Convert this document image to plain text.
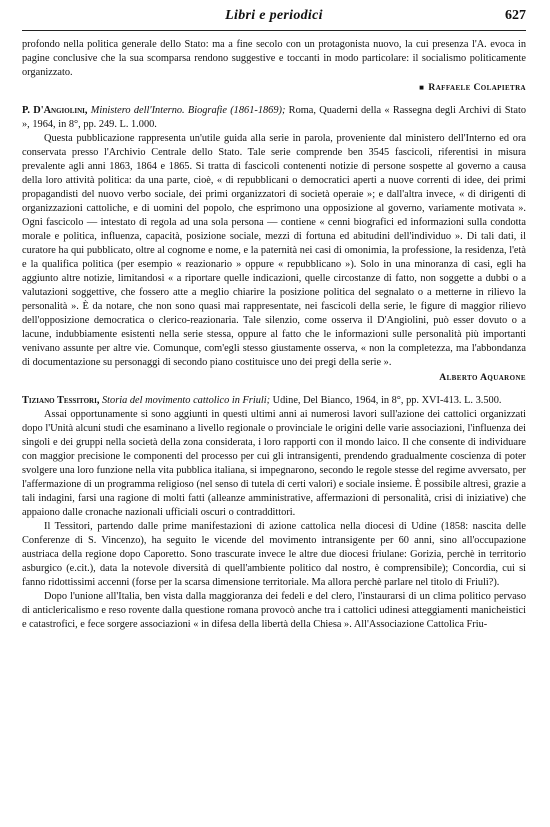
Libri e periodici	627

profondo nella politica generale dello Stato: ma a fine secolo con un protagonista nuovo, la cui presenza l'A. evoca in pagine conclusive che la sua scomparsa rendono suggestive e toccanti in modo particolare: il socialismo politicamente organizzato.

■ Raffaele Colapietra

P. D'Angiolini, Ministero dell'Interno. Biografie (1861-1869); Roma, Quaderni della « Rassegna degli Archivi di Stato », 1964, in 8°, pp. 249. L. 1.000.

Questa pubblicazione rappresenta un'utile guida alla serie in parola, proveniente dal ministero dell'Interno ed ora conservata presso l'Archivio Centrale dello Stato. Tale serie comprende ben 3545 fascicoli, riferentisi in misura prevalente agli anni 1863, 1864 e 1865. Si tratta di fascicoli contenenti notizie di persone sospette al governo a causa della loro attività politica: da una parte, cioè, « di repubblicani o democratici aperti a nuove correnti di idee, dei primi propagandisti del nuovo verbo sociale, dei primi organizzatori di società operaie »; e dall'altra invece, « di dirigenti di organizzazioni cattoliche, e di uomini del popolo, che esprimono una opposizione al governo, variamente motivata ». Ogni fascicolo — intestato di regola ad una sola persona — contiene « cenni biografici ed informazioni sulla condotta morale e politica, influenza, capacità, posizione sociale, mezzi di fortuna ed abitudini dell'individuo ». Di tali dati, il curatore ha qui pubblicato, oltre al cognome e nome, e la paternità nei casi di omonimia, la professione, la residenza, l'età e la qualifica politica (per esempio « reazionario » oppure « repubblicano »). Solo in una minoranza di casi, egli ha aggiunto altre notizie, limitandosi « a riportare quelle indicazioni, quelle circostanze di fatto, non soggette a dubbi o a valutazioni soggettive, che fossero atte a meglio chiarire la posizione politica del segnalato o a metterne in rilievo la personalità ». È da notare, che non sono quasi mai rappresentate, nei fascicoli della serie, le figure di maggior rilievo dell'opposizione democratica o clerico-reazionaria. Tale silenzio, come osserva il D'Angiolini, può esser dovuto o a lacune, indubbiamente esistenti nella serie stessa, oppure al fatto che le informazioni sulle personalità più importanti venivano assunte per altre vie. Comunque, com'egli stesso giustamente osserva, « non la completezza, ma l'abbondanza di documentazione su personaggi di secondo piano costituisce uno dei pregi della serie ».

Alberto Aquarone

Tiziano Tessitori, Storia del movimento cattolico in Friuli; Udine, Del Bianco, 1964, in 8°, pp. XVI-413. L. 3.500.

Assai opportunamente si sono aggiunti in questi ultimi anni ai numerosi lavori sull'azione dei cattolici organizzati dopo l'Unità alcuni studi che esaminano a livello regionale o provinciale le origini delle varie associazioni, l'influenza dei singoli e dei gruppi nella società della zona considerata, i loro rapporti con il mondo laico. Il che consente di individuare con maggior precisione le componenti del processo per cui gli intransigenti, prendendo gradualmente coscienza di poter svolgere una loro funzione nella vita pubblica italiana, si impegnarono, secondo le regole stesse del regime avversato, per l'affermazione di un programma religioso (nel senso di tutela di certi valori) e sociale insieme. È possibile altresì, grazie a tali indagini, farsi una ragione di molti fatti (alleanze amministrative, affermazioni di personalità, crisi di iniziative) che appaiono dalle cronache nazionali ufficiali oscuri o contraddittori.

Il Tessitori, partendo dalle prime manifestazioni di azione cattolica nella diocesi di Udine (1858: nascita delle Conferenze di S. Vincenzo), ha seguito le vicende del movimento intransigente per 60 anni, sino all'occupazione austriaca della regione dopo Caporetto. Sono trascurate invece le altre due diocesi friulane: Gorizia, perchè in territorio asburgico (e.cit.), data la notevole diversità di quell'ambiente politico dal nostro, è comprensibile); Concordia, cui si fanno ridottissimi accenni (forse per la scarsa dimensione territoriale. Ma allora perchè parlare nel titolo di Friuli?).

Dopo l'unione all'Italia, ben vista dalla maggioranza dei fedeli e del clero, l'instaurarsi di un clima politico pervaso di anticlericalismo e reso rovente dalla questione romana provocò anche tra i cattolici udinesi atteggiamenti manicheistici e catastrofici, e fece sorgere associazioni « in difesa della libertà della Chiesa ». All'Associazione Cattolica Friu-
